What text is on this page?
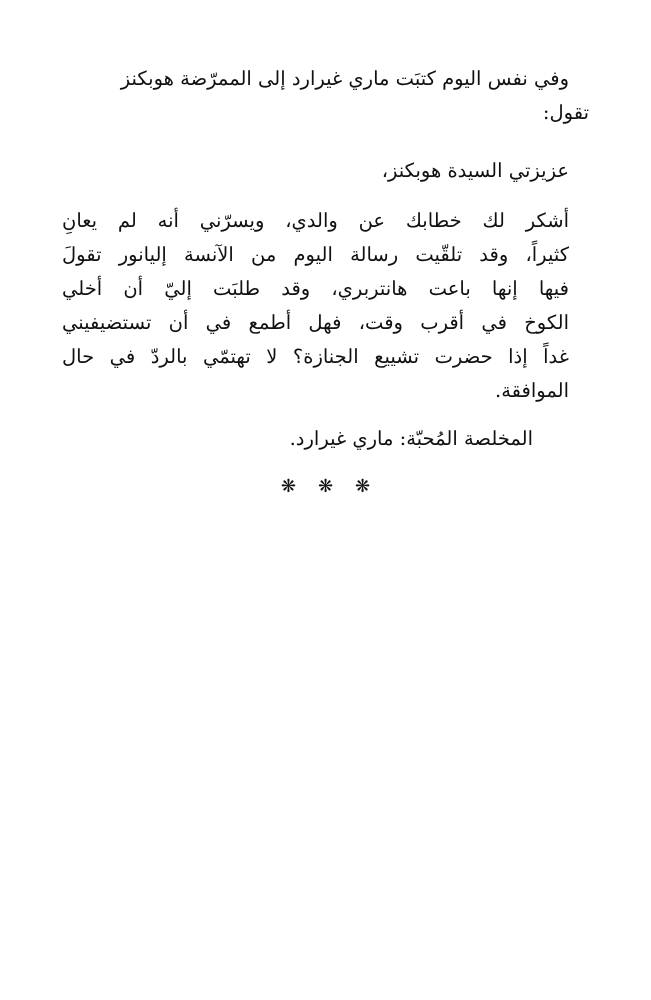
وفي نفس اليوم كتبَت ماري غيرارد إلى الممرّضة هوبكنز
تقول:

عزيزتي السيدة هوبكنز،

أشكر لك خطابك عن والدي، ويسرّني أنه لم يعانِ
كثيراً، وقد تلقّيت رسالة اليوم من الآنسة إليانور تقولَ
فيها إنها باعت هانتربري، وقد طلبَت إليّ أن أخلي
الكوخ في أقرب وقت، فهل أطمع في أن تستضيفيني
غداً إذا حضرت تشييع الجنازة؟ لا تهتمّي بالردّ في حال
الموافقة.

المخلصة المُحبّة: ماري غيرارد.

❋❋❋
